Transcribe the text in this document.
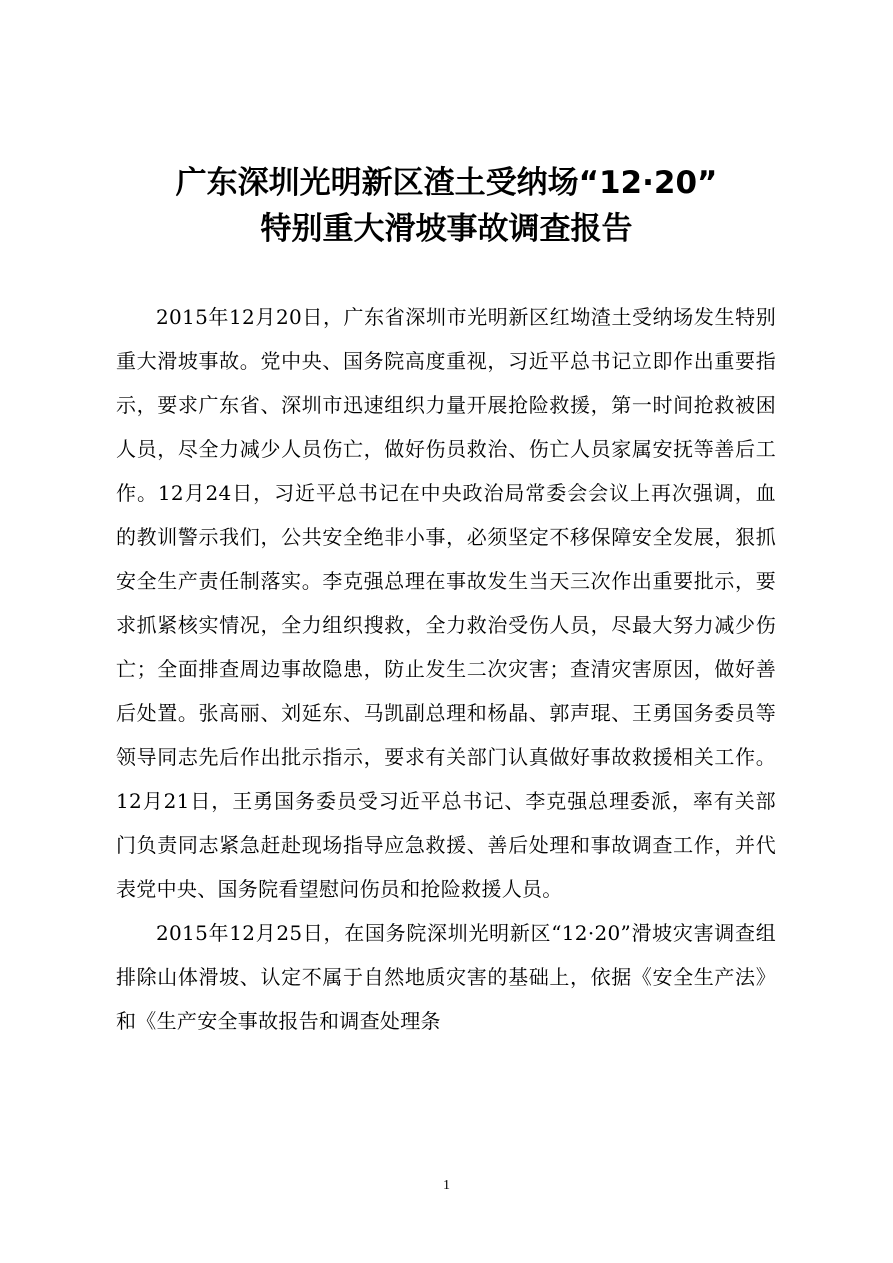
广东深圳光明新区渣土受纳场“12·20”
特别重大滑坡事故调查报告

2015年12月20日，广东省深圳市光明新区红坳渣土受纳场发生特别重大滑坡事故。党中央、国务院高度重视，习近平总书记立即作出重要指示，要求广东省、深圳市迅速组织力量开展抢险救援，第一时间抢救被困人员，尽全力减少人员伤亡，做好伤员救治、伤亡人员家属安抚等善后工作。12月24日，习近平总书记在中央政治局常委会会议上再次强调，血的教训警示我们，公共安全绝非小事，必须坚定不移保障安全发展，狠抓安全生产责任制落实。李克强总理在事故发生当天三次作出重要批示，要求抓紧核实情况，全力组织搜救，全力救治受伤人员，尽最大努力减少伤亡；全面排查周边事故隐患，防止发生二次灾害；查清灾害原因，做好善后处置。张高丽、刘延东、马凯副总理和杨晶、郭声琨、王勇国务委员等领导同志先后作出批示指示，要求有关部门认真做好事故救援相关工作。12月21日，王勇国务委员受习近平总书记、李克强总理委派，率有关部门负责同志紧急赶赴现场指导应急救援、善后处理和事故调查工作，并代表党中央、国务院看望慰问伤员和抢险救援人员。

2015年12月25日，在国务院深圳光明新区“12·20”滑坡灾害调查组排除山体滑坡、认定不属于自然地质灾害的基础上，依据《安全生产法》和《生产安全事故报告和调查处理条

1
